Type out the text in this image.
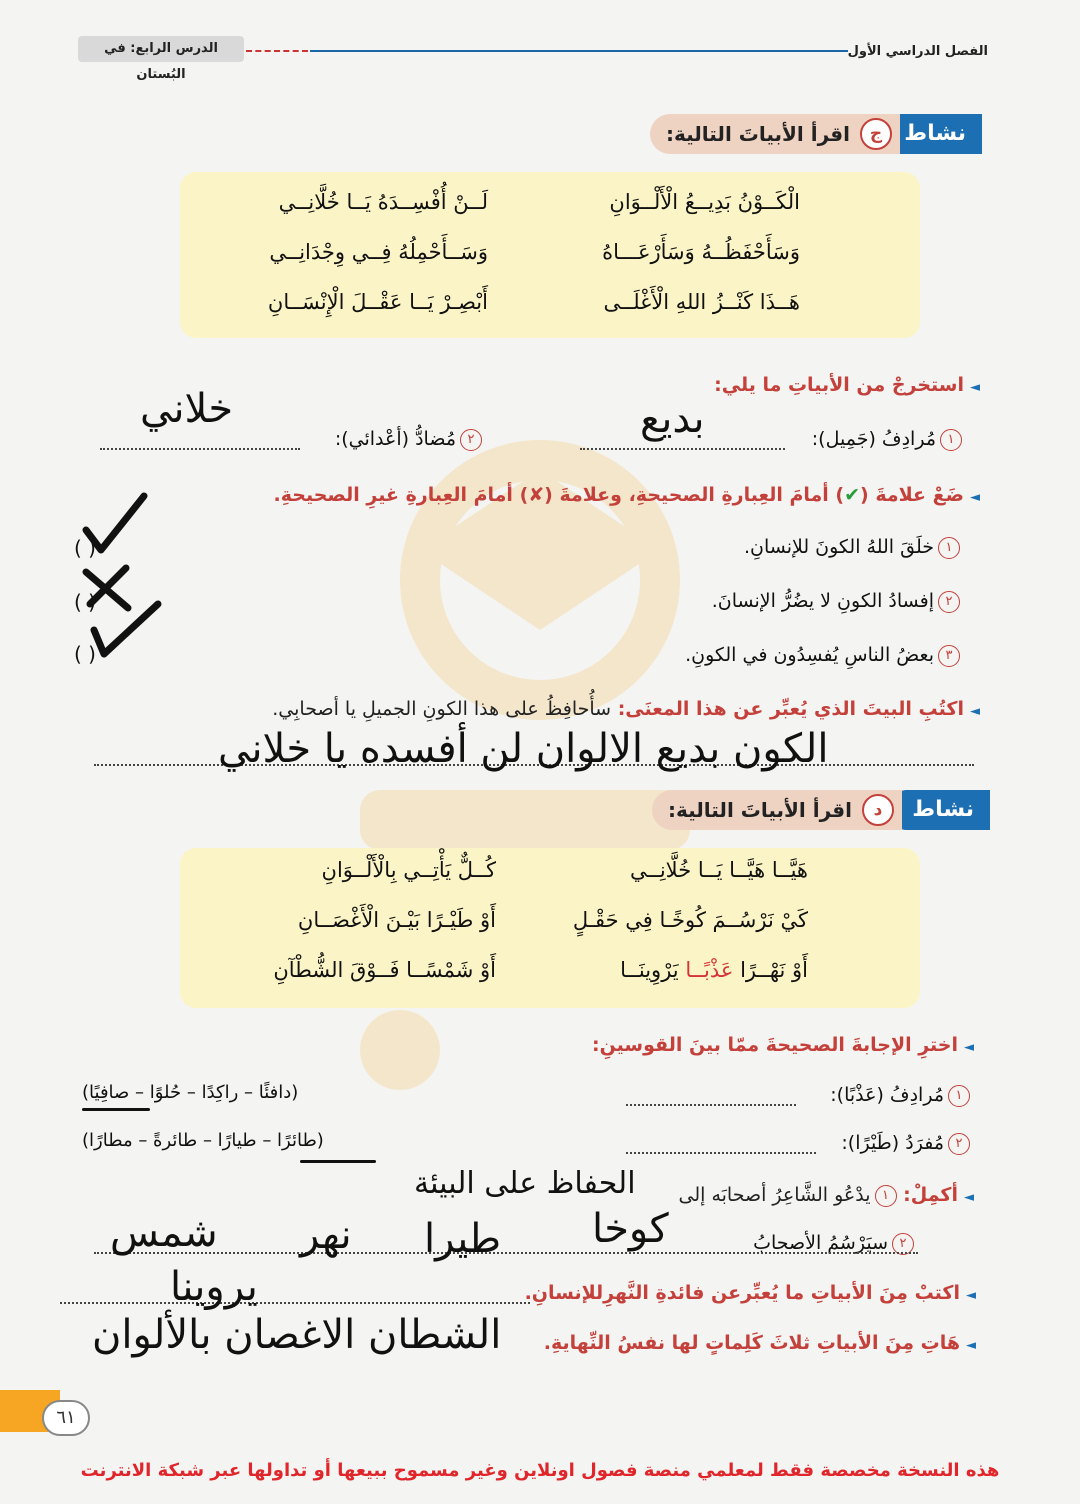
الفصل الدراسي الأول
الدرس الرابع: في البُستان
نشاط
ج
اقرأ الأبياتَ التالية:
الْكَــوْنُ بَدِيــعُ الْأَلْــوَانِ
لَــنْ أُفْسِــدَهُ يَــا خُلَّانِــي
وَسَأَحْفَظُــهُ وَسَأَرْعَـــاهُ
وَسَــأَحْمِلُهُ فِــي وِجْدَانِــي
هَــذَا كَنْــزُ اللهِ الْأَغْلَــى
أَبْصِـرْ يَــا عَقْــلَ الْإِنْسَــانِ
◄استخرجْ من الأبياتِ ما يلي:
١مُرادِفُ (جَمِيل):
بديع
٢مُضادُّ (أعْدائي):
خلاني
◄ضَعْ علامةَ (✔) أمامَ العِبارةِ الصحيحةِ، وعلامةَ (✘) أمامَ العِبارةِ غيرِ الصحيحةِ.
١خلَقَ اللهُ الكونَ للإنسانِ.
٢إفسادُ الكونِ لا يضُرُّ الإنسانَ.
٣بعضُ الناسِ يُفسِدُون في الكونِ.
( )
( )
( )
◄اكتُبِ البيتَ الذي يُعبِّر عن هذا المعنَى: سأُحافِظُ على هذا الكونِ الجميلِ يا أصحابِي.
الكون بديع الالوان لن أفسده يا خلاني
نشاط
د
اقرأ الأبياتَ التالية:
هَيَّــا هَيَّــا يَــا خُلَّانِــي
كُــلٌّ يَأْتِــي بِالْأَلْــوَانِ
كَيْ نَرْسُــمَ كُوخًـا فِي حَقْـلٍ
أَوْ طَيْـرًا بَيْـنَ الْأَغْصَــانِ
أَوْ نَهْــرًا عَذْبًــا يَرْوِينَــا
أَوْ شَمْسًــا فَــوْقَ الشُّطْآنِ
◄اخترِ الإجابةَ الصحيحةَ ممّا بينَ القوسينِ:
١مُرادِفُ (عَذْبًا):
(دافئًا – راكِدًا – حُلوًا – صافِيًا)
٢مُفرَدُ (طَيْرًا):
(طائرًا – طيارًا – طائرةً – مطارًا)
◄أكمِلْ: ١يدْعُو الشَّاعِرُ أصحابَه إلى
الحفاظ على البيئة
٢سيَرْسُمُ الأصحابُ
كوخا
طيرا
نهر
شمس
◄اكتبْ مِنَ الأبياتِ ما يُعبِّرعن فائدةِ النَّهرِللإنسانِ.
يروينا
◄هَاتِ مِنَ الأبياتِ ثلاثَ كَلِماتٍ لها نفسُ النِّهايةِ.
الشطان الاغصان بالألوان
٦١
هذه النسخة مخصصة فقط لمعلمي منصة فصول اونلاين وغير مسموح ببيعها أو تداولها عبر شبكة الانترنت
